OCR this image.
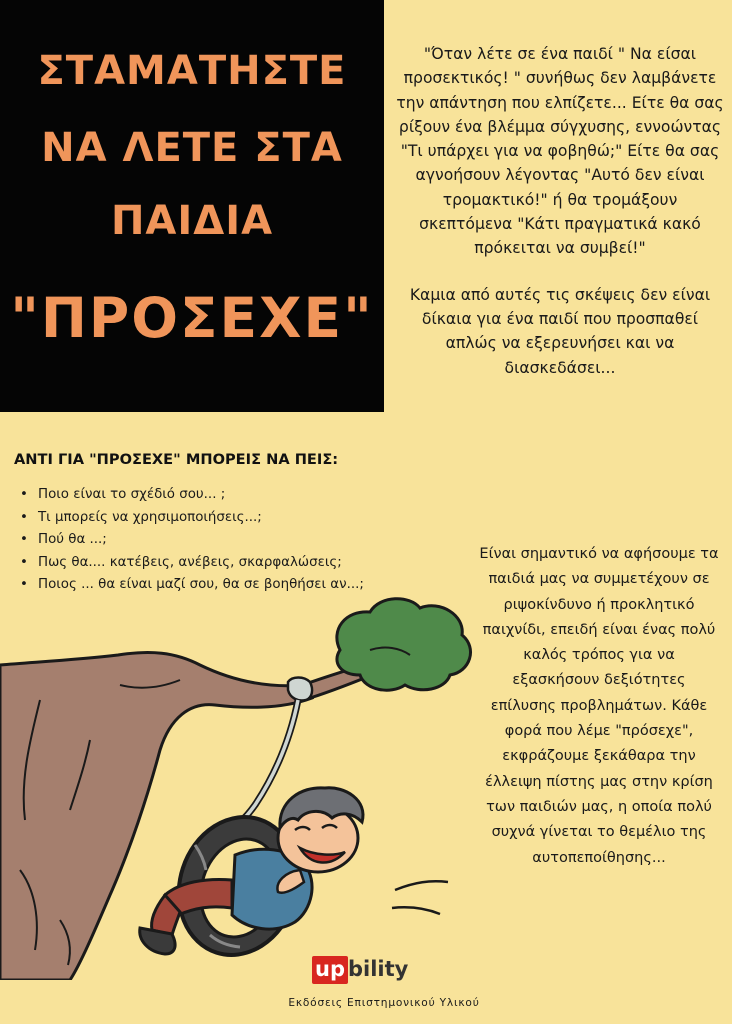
ΣΤΑΜΑΤΗΣΤΕ
ΝΑ ΛΕΤΕ ΣΤΑ
ΠΑΙΔΙΑ
"ΠΡΟΣΕΧΕ"

"Όταν λέτε σε ένα παιδί " Να είσαι προσεκτικός! " συνήθως δεν λαμβάνετε την απάντηση που ελπίζετε... Είτε θα σας ρίξουν ένα βλέμμα σύγχυσης, εννοώντας "Τι υπάρχει για να φοβηθώ;" Είτε θα σας αγνοήσουν λέγοντας "Αυτό δεν είναι τρομακτικό!" ή θα τρομάξουν σκεπτόμενα "Κάτι πραγματικά κακό πρόκειται να συμβεί!"

Καμια από αυτές τις σκέψεις δεν είναι δίκαια για ένα παιδί που προσπαθεί απλώς να εξερευνήσει και να διασκεδάσει...

ΑΝΤΙ ΓΙΑ "ΠΡΟΣΕΧΕ" ΜΠΟΡΕΙΣ ΝΑ ΠΕΙΣ:
• Ποιο είναι το σχέδιό σου... ;
• Τι μπορείς να χρησιμοποιήσεις...;
• Πού θα ...;
• Πως θα.... κατέβεις, ανέβεις, σκαρφαλώσεις;
• Ποιος ... θα είναι μαζί σου, θα σε βοηθήσει αν...;

Είναι σημαντικό να αφήσουμε τα παιδιά μας να συμμετέχουν σε ριψοκίνδυνο ή προκλητικό παιχνίδι, επειδή είναι ένας πολύ καλός τρόπος για να εξασκήσουν δεξιότητες επίλυσης προβλημάτων. Κάθε φορά που λέμε "πρόσεχε", εκφράζουμε ξεκάθαρα την έλλειψη πίστης μας στην κρίση των παιδιών μας, η οποία πολύ συχνά γίνεται το θεμέλιο της αυτοπεποίθησης...

up bility
Εκδόσεις Επιστημονικού Υλικού
